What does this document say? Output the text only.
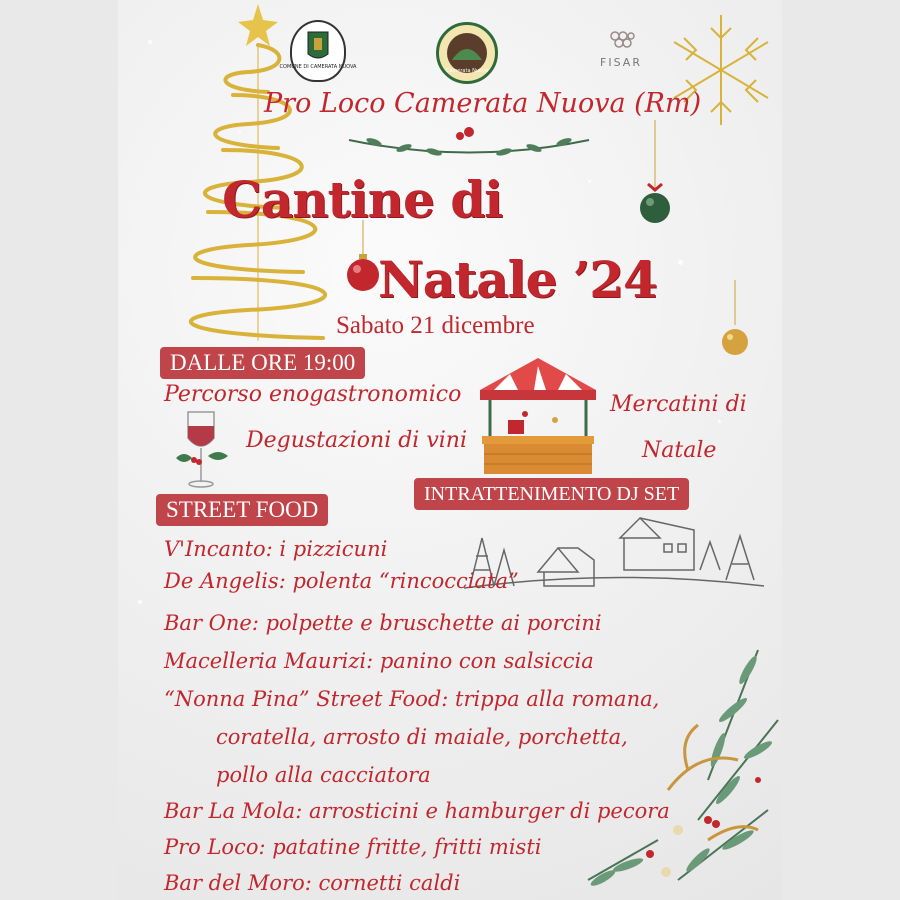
COMUNE DI CAMERATA NUOVA
Camerata Nuova
FISAR
Pro Loco Camerata Nuova (Rm)
Cantine di
Natale ’24
Sabato 21 dicembre
DALLE ORE 19:00
Percorso enogastronomico
Degustazioni di vini
Mercatini di
Natale
INTRATTENIMENTO DJ SET
STREET FOOD
V'Incanto: i pizzicuni
De Angelis: polenta “rincocciata”
Bar One: polpette e bruschette ai porcini
Macelleria Maurizi: panino con salsiccia
“Nonna Pina” Street Food: trippa alla romana,
coratella, arrosto di maiale, porchetta,
pollo alla cacciatora
Bar La Mola: arrosticini e hamburger di pecora
Pro Loco: patatine fritte, fritti misti
Bar del Moro: cornetti caldi
